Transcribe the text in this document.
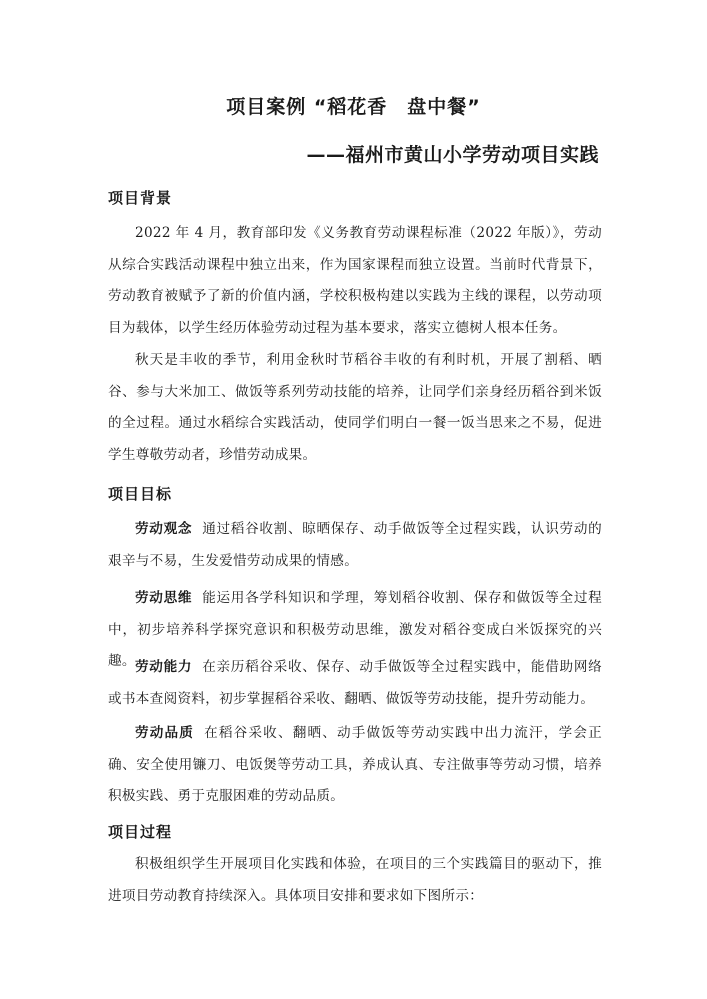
项目案例 “稻花香　盘中餐”
——福州市黄山小学劳动项目实践
项目背景

2022 年 4 月，教育部印发《义务教育劳动课程标准（2022 年版）》，劳动从综合实践活动课程中独立出来，作为国家课程而独立设置。当前时代背景下，劳动教育被赋予了新的价值内涵，学校积极构建以实践为主线的课程，以劳动项目为载体，以学生经历体验劳动过程为基本要求，落实立德树人根本任务。

秋天是丰收的季节，利用金秋时节稻谷丰收的有利时机，开展了割稻、晒谷、参与大米加工、做饭等系列劳动技能的培养，让同学们亲身经历稻谷到米饭的全过程。通过水稻综合实践活动，使同学们明白一餐一饭当思来之不易，促进学生尊敬劳动者，珍惜劳动成果。

项目目标

劳动观念 通过稻谷收割、晾晒保存、动手做饭等全过程实践，认识劳动的艰辛与不易，生发爱惜劳动成果的情感。

劳动思维 能运用各学科知识和学理，筹划稻谷收割、保存和做饭等全过程中，初步培养科学探究意识和积极劳动思维，激发对稻谷变成白米饭探究的兴趣。 劳动能力 在亲历稻谷采收、保存、动手做饭等全过程实践中，能借助网络或书本查阅资料，初步掌握稻谷采收、翻晒、做饭等劳动技能，提升劳动能力。

劳动品质 在稻谷采收、翻晒、动手做饭等劳动实践中出力流汗，学会正确、安全使用镰刀、电饭煲等劳动工具，养成认真、专注做事等劳动习惯，培养积极实践、勇于克服困难的劳动品质。

项目过程

积极组织学生开展项目化实践和体验，在项目的三个实践篇目的驱动下，推进项目劳动教育持续深入。具体项目安排和要求如下图所示：
